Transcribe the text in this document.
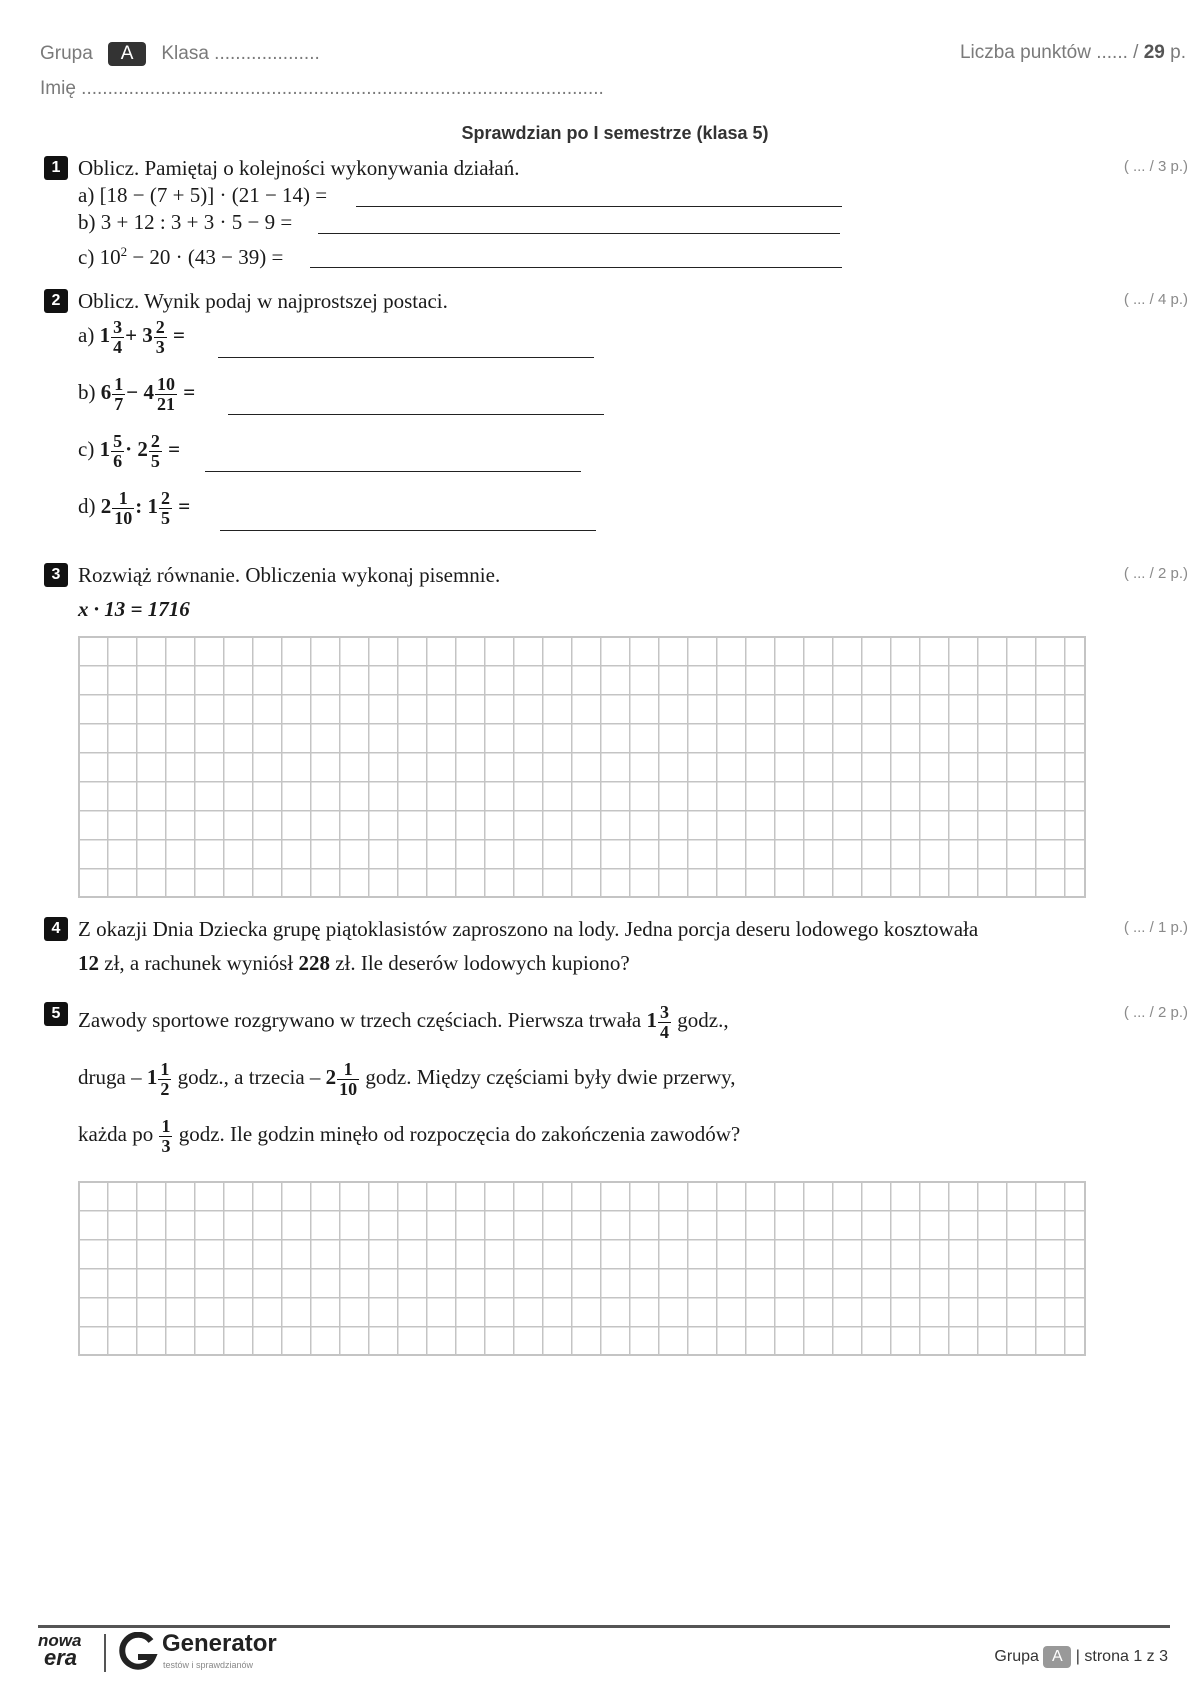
Grupa A Klasa ....................
Imię ...................................................................................................
Liczba punktów ...... / 29 p.
Sprawdzian po I semestrze (klasa 5)
1 Oblicz. Pamiętaj o kolejności wykonywania działań.	( ... / 3 p.)
a) [18 − (7 + 5)] · (21 − 14) =
b) 3 + 12 : 3 + 3 · 5 − 9 =
c) $10^2 - 20 \cdot (43 - 39)$ =
2 Oblicz. Wynik podaj w najprostszej postaci.	( ... / 4 p.)
a) $1 \frac{3}{4} + 3 \frac{2}{3}$ =
b) $6 \frac{1}{7} - 4 \frac{10}{21}$ =
c) $1 \frac{5}{6} \cdot 2 \frac{2}{5}$ =
d) $2 \frac{1}{10}$ : $1 \frac{2}{5}$ =
3 Rozwiąż równanie. Obliczenia wykonaj pisemnie.	( ... / 2 p.)
x · 13 = 1716
4 Z okazji Dnia Dziecka grupę piątoklasistów zaproszono na lody. Jedna porcja deseru lodowego kosztowała	( ... / 1 p.)
12 zł, a rachunek wyniósł 228 zł. Ile deserów lodowych kupiono?
5	( ... / 2 p.)
Zawody sportowe rozgrywano w trzech częściach. Pierwsza trwała $1 \frac{3}{4}$ godz.,
druga – $1 \frac{1}{2}$ godz., a trzecia – $2 \frac{1}{10}$ godz. Między częściami były dwie przerwy,
każda po $\frac{1}{3}$ godz. Ile godzin minęło od rozpoczęcia do zakończenia zawodów?
nowa
era
Generator
testów i sprawdzianów	Grupa A | strona 1 z 3
